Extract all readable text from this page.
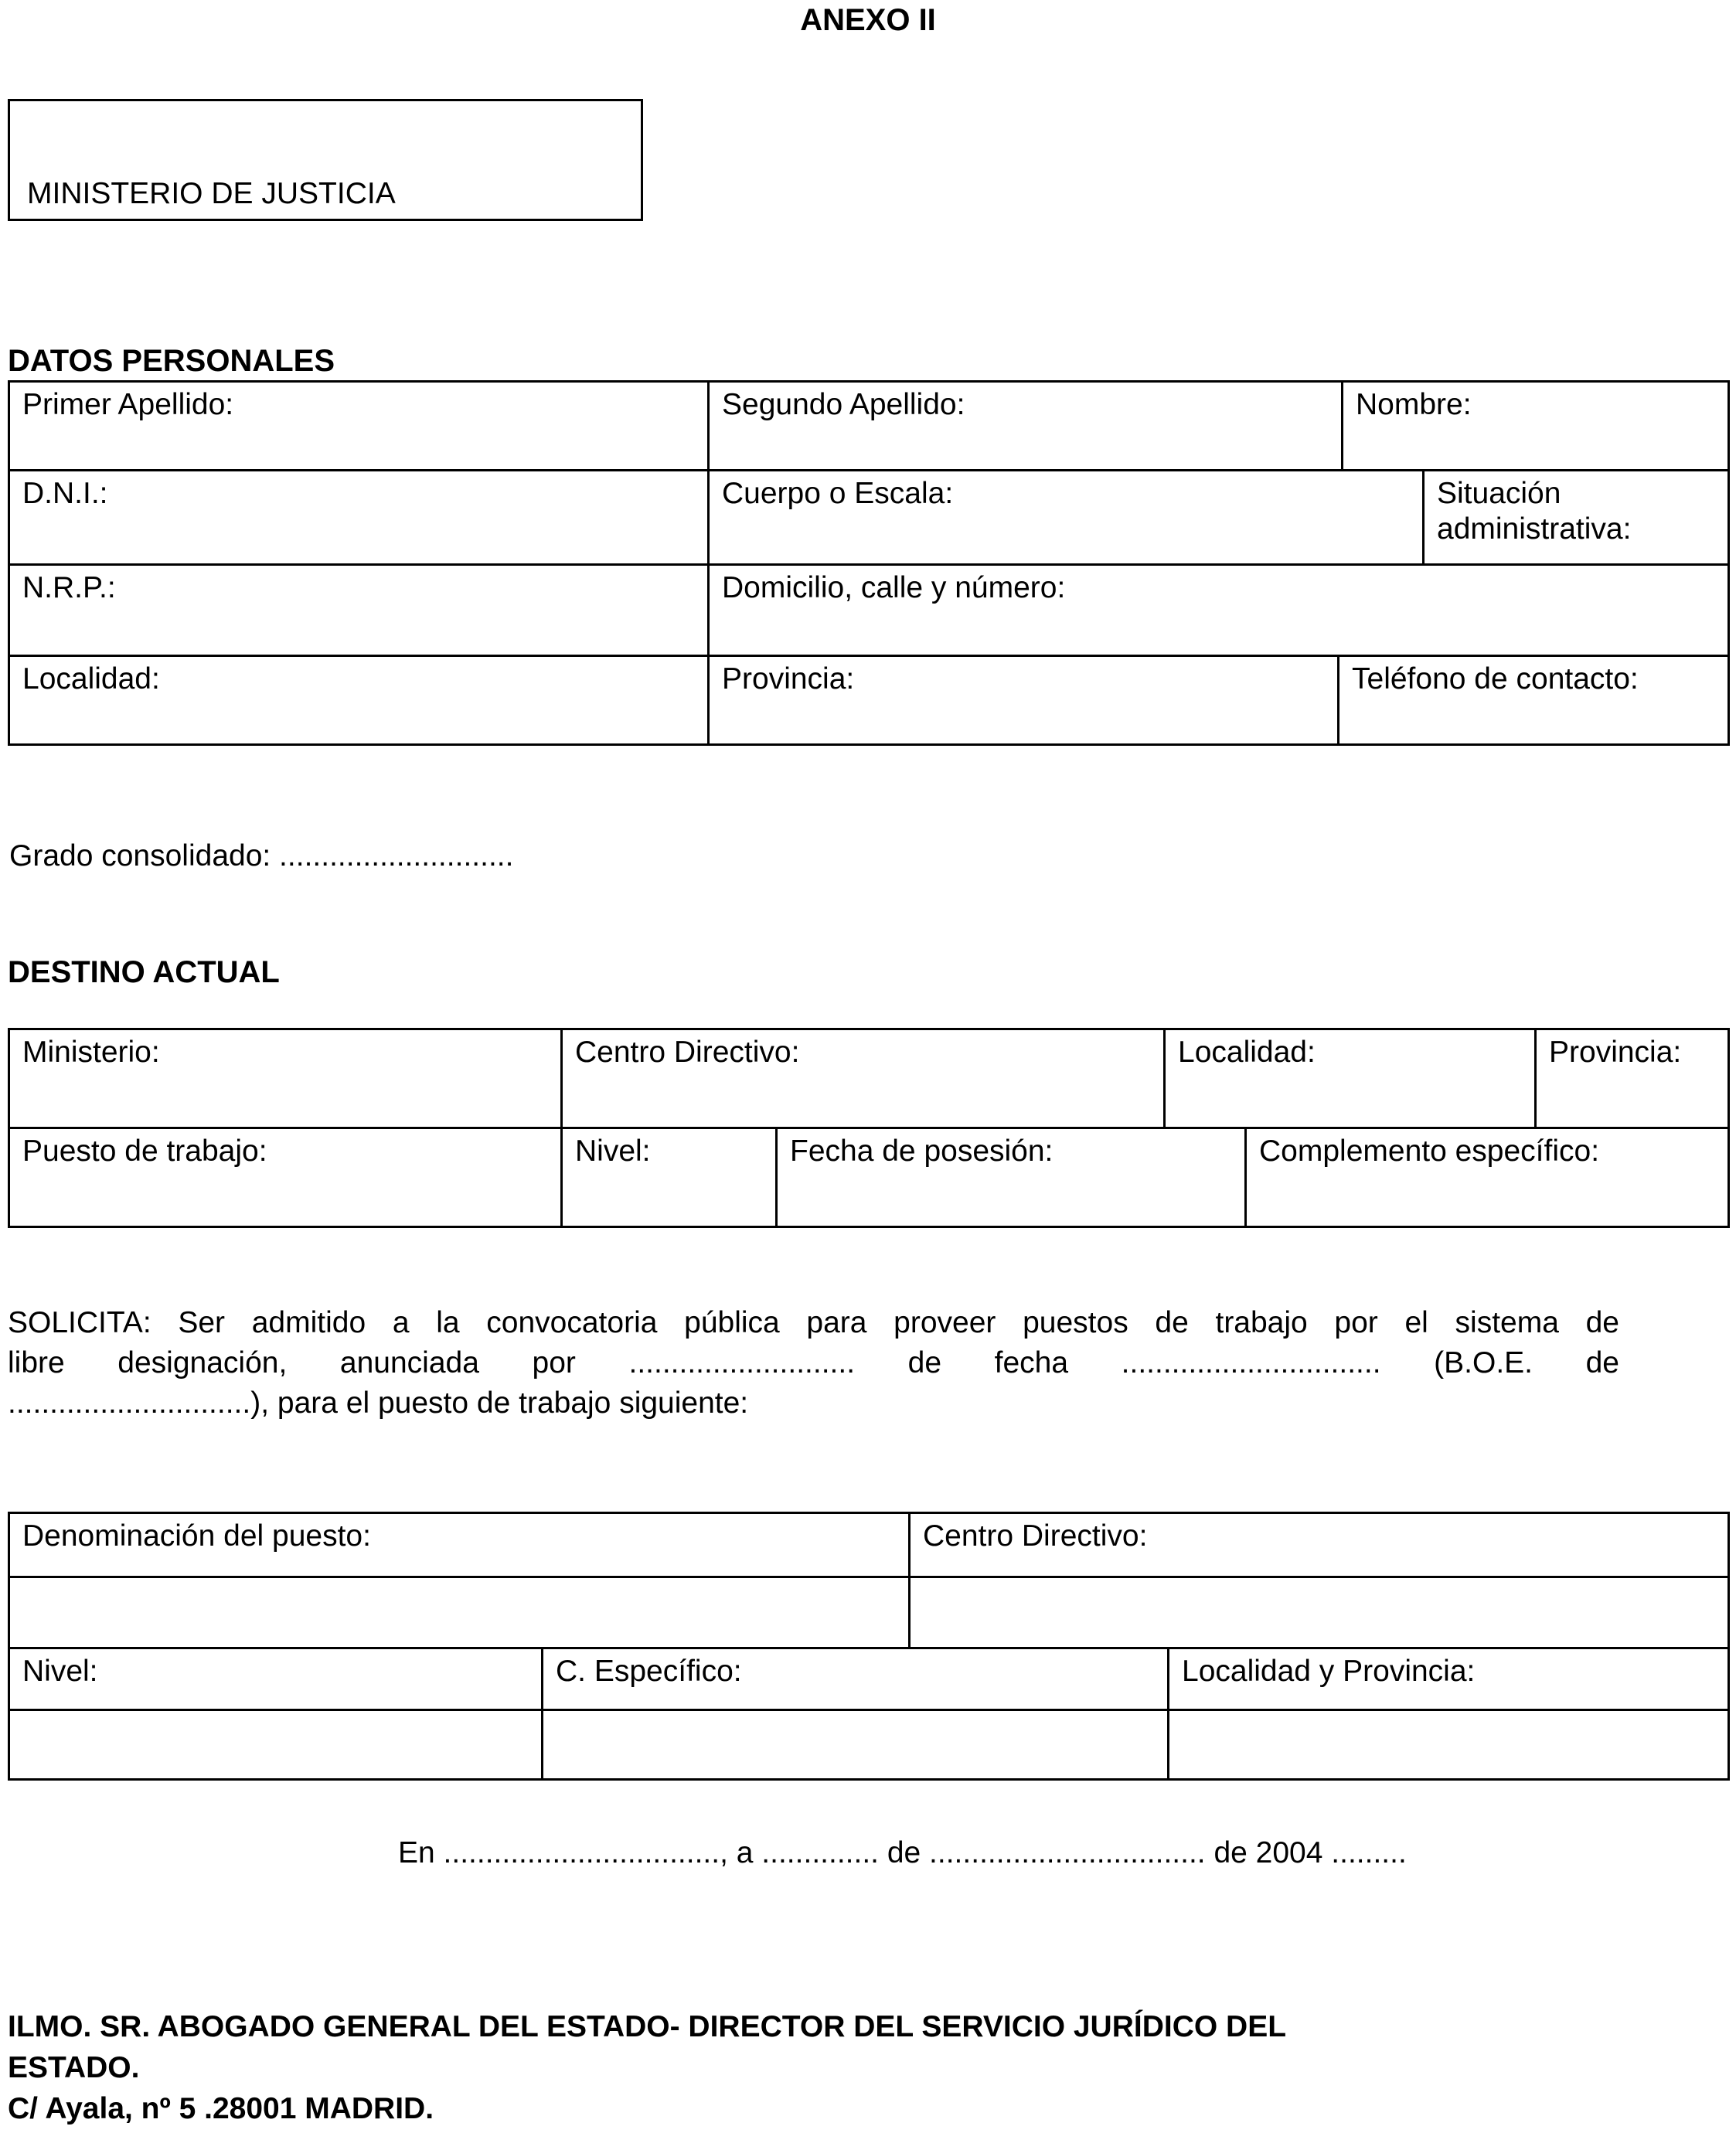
ANEXO II
MINISTERIO DE JUSTICIA
DATOS PERSONALES
Primer Apellido:	Segundo Apellido:	Nombre:
D.N.I.:	Cuerpo o Escala:	Situación administrativa:
N.R.P.:	Domicilio, calle y número:
Localidad:	Provincia:	Teléfono de contacto:
Grado consolidado: ............................
DESTINO ACTUAL
Ministerio:	Centro Directivo:	Localidad:	Provincia:
Puesto de trabajo:	Nivel:	Fecha de posesión:	Complemento específico:
SOLICITA: Ser admitido a la convocatoria pública para proveer puestos de trabajo por el sistema de
libre designación, anunciada por ........................... de fecha ............................... (B.O.E. de
.............................), para el puesto de trabajo siguiente:
Denominación del puesto:	Centro Directivo:
Nivel:	C. Específico:	Localidad y Provincia:
En ................................., a .............. de ................................. de 2004 .........
ILMO. SR. ABOGADO GENERAL DEL ESTADO- DIRECTOR DEL SERVICIO JURÍDICO DEL
ESTADO.
C/ Ayala, nº 5 .28001 MADRID.
